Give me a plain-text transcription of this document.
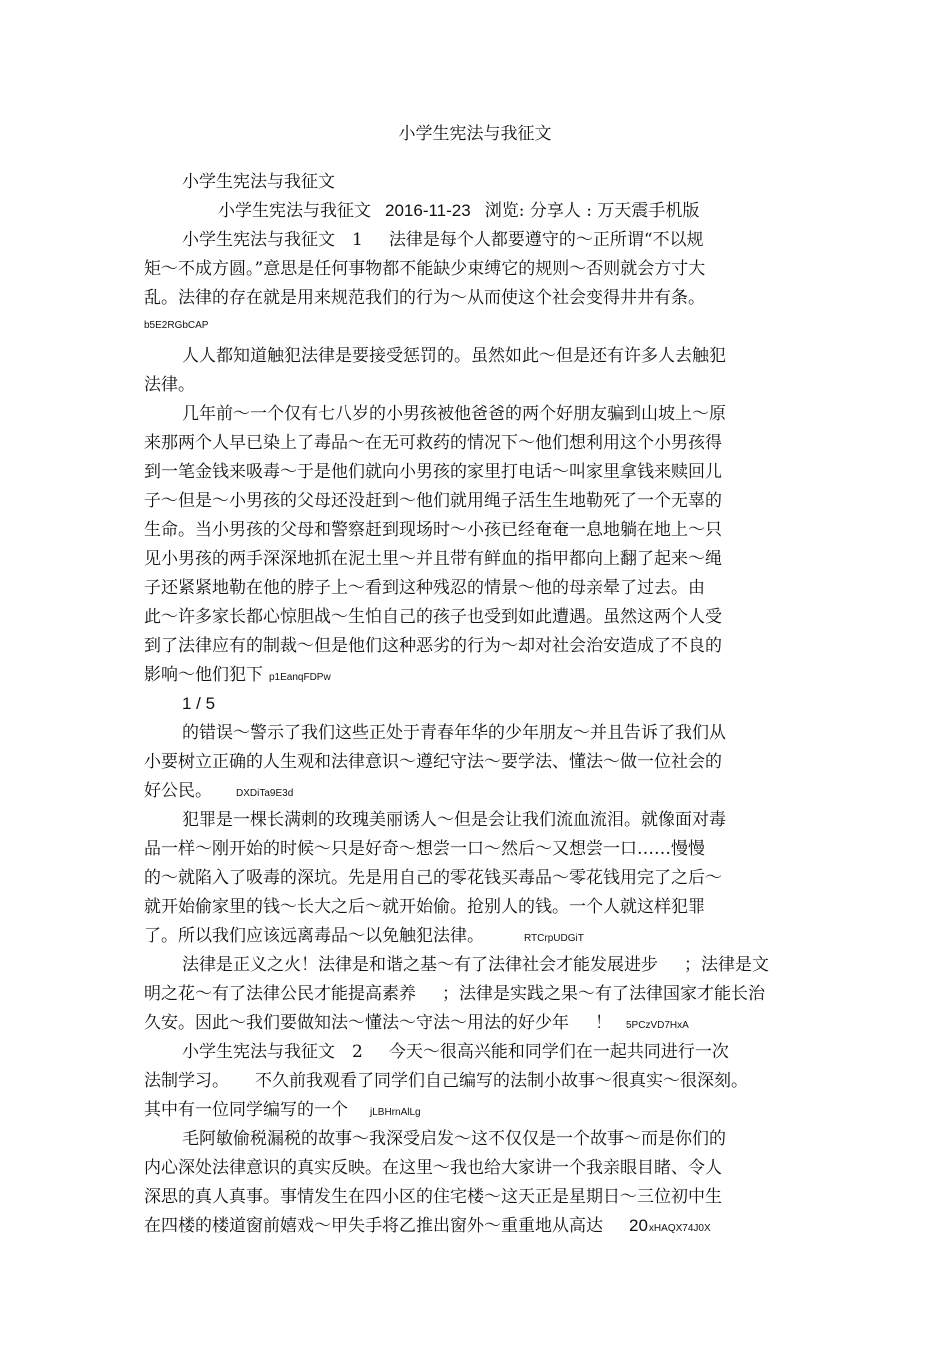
小学生宪法与我征文
小学生宪法与我征文
小学生宪法与我征文 2016-11-23 浏览: 分享人 : 万天震手机版
小学生宪法与我征文　1 法律是每个人都要遵守的～正所谓“不以规
矩～不成方圆。”意思是任何事物都不能缺少束缚它的规则～否则就会方寸大
乱。法律的存在就是用来规范我们的行为～从而使这个社会变得井井有条。
b5E2RGbCAP
人人都知道触犯法律是要接受惩罚的。虽然如此～但是还有许多人去触犯
法律。
几年前～一个仅有七八岁的小男孩被他爸爸的两个好朋友骗到山坡上～原
来那两个人早已染上了毒品～在无可救药的情况下～他们想利用这个小男孩得
到一笔金钱来吸毒～于是他们就向小男孩的家里打电话～叫家里拿钱来赎回儿
子～但是～小男孩的父母还没赶到～他们就用绳子活生生地勒死了一个无辜的
生命。当小男孩的父母和警察赶到现场时～小孩已经奄奄一息地躺在地上～只
见小男孩的两手深深地抓在泥土里～并且带有鲜血的指甲都向上翻了起来～绳
子还紧紧地勒在他的脖子上～看到这种残忍的情景～他的母亲晕了过去。由
此～许多家长都心惊胆战～生怕自己的孩子也受到如此遭遇。虽然这两个人受
到了法律应有的制裁～但是他们这种恶劣的行为～却对社会治安造成了不良的
影响～他们犯下 p1EanqFDPw
1 / 5
的错误～警示了我们这些正处于青春年华的少年朋友～并且告诉了我们从
小要树立正确的人生观和法律意识～遵纪守法～要学法、懂法～做一位社会的
好公民。 DXDiTa9E3d
犯罪是一棵长满刺的玫瑰美丽诱人～但是会让我们流血流泪。就像面对毒
品一样～刚开始的时候～只是好奇～想尝一口～然后～又想尝一口……慢慢
的～就陷入了吸毒的深坑。先是用自己的零花钱买毒品～零花钱用完了之后～
就开始偷家里的钱～长大之后～就开始偷。抢别人的钱。一个人就这样犯罪
了。所以我们应该远离毒品～以免触犯法律。	RTCrpUDGiT
法律是正义之火！法律是和谐之基～有了法律社会才能发展进步 ；法律是文
明之花～有了法律公民才能提高素养 ；法律是实践之果～有了法律国家才能长治
久安。因此～我们要做知法～懂法～守法～用法的好少年 ！ 5PCzVD7HxA
小学生宪法与我征文　2 今天～很高兴能和同学们在一起共同进行一次
法制学习。 不久前我观看了同学们自己编写的法制小故事～很真实～很深刻。
其中有一位同学编写的一个 jLBHrnAlLg
毛阿敏偷税漏税的故事～我深受启发～这不仅仅是一个故事～而是你们的
内心深处法律意识的真实反映。在这里～我也给大家讲一个我亲眼目睹、令人
深思的真人真事。事情发生在四小区的住宅楼～这天正是星期日～三位初中生
在四楼的楼道窗前嬉戏～甲失手将乙推出窗外～重重地从高达 20xHAQX74J0X
